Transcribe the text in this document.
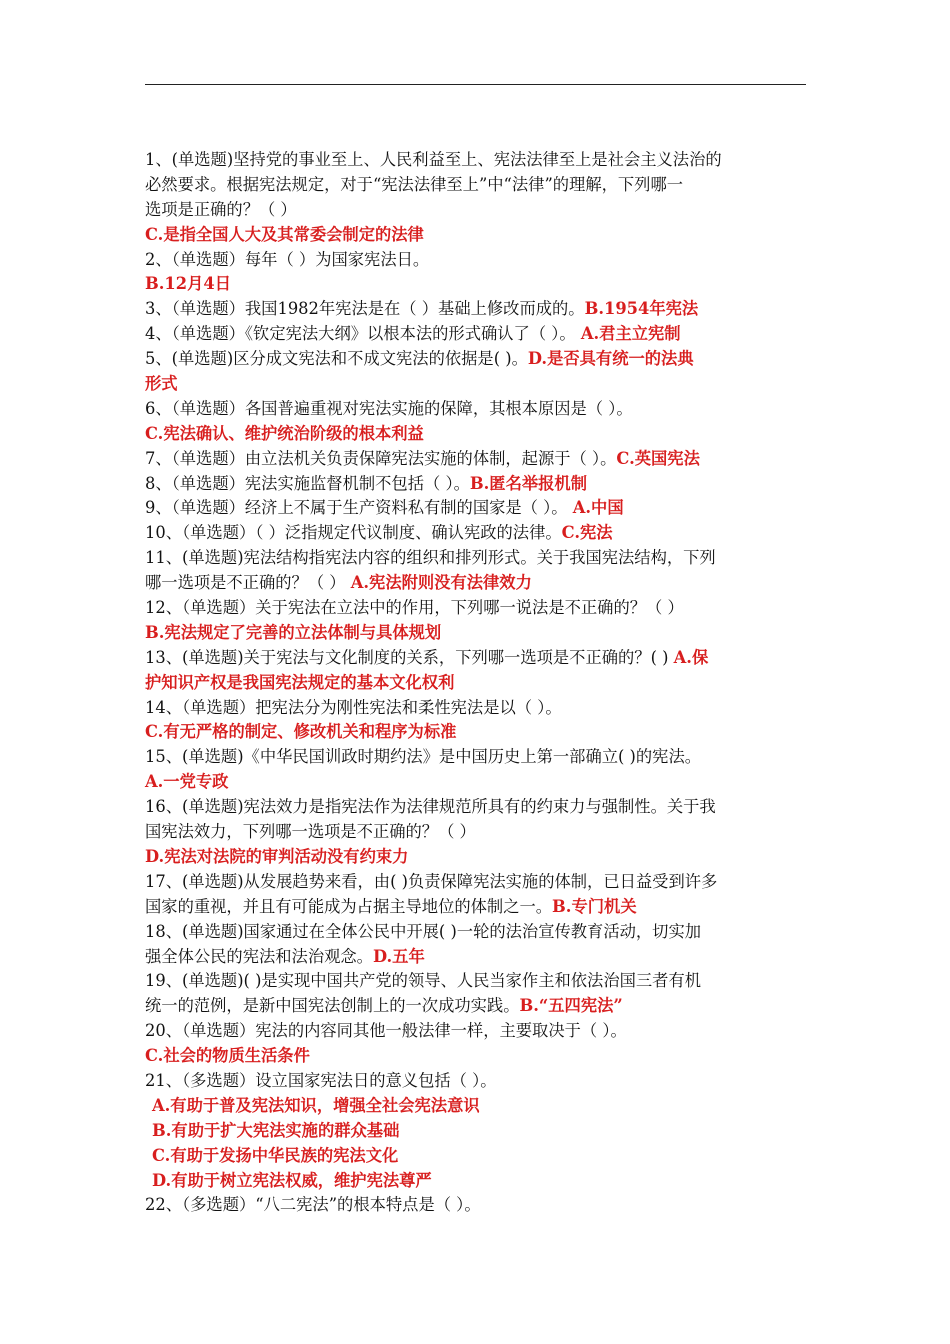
1、(单选题)坚持党的事业至上、人民利益至上、宪法法律至上是社会主义法治的
必然要求。根据宪法规定，对于“宪法法律至上”中“法律”的理解，下列哪一
选项是正确的？（ ）
C.是指全国人大及其常委会制定的法律
2、（单选题）每年（ ）为国家宪法日。
B.12月4日
3、（单选题）我国1982年宪法是在（ ）基础上修改而成的。B.1954年宪法
4、（单选题）《钦定宪法大纲》以根本法的形式确认了（ ）。 A.君主立宪制
5、(单选题)区分成文宪法和不成文宪法的依据是( )。D.是否具有统一的法典
形式
6、（单选题）各国普遍重视对宪法实施的保障，其根本原因是（ ）。
C.宪法确认、维护统治阶级的根本利益
7、（单选题）由立法机关负责保障宪法实施的体制，起源于（ ）。C.英国宪法
8、（单选题）宪法实施监督机制不包括（ ）。B.匿名举报机制
9、（单选题）经济上不属于生产资料私有制的国家是（ ）。 A.中国
10、（单选题）（ ）泛指规定代议制度、确认宪政的法律。C.宪法
11、(单选题)宪法结构指宪法内容的组织和排列形式。关于我国宪法结构，下列
哪一选项是不正确的？（ ） A.宪法附则没有法律效力
12、（单选题）关于宪法在立法中的作用，下列哪一说法是不正确的？（ ）
B.宪法规定了完善的立法体制与具体规划
13、(单选题)关于宪法与文化制度的关系，下列哪一选项是不正确的？( ) A.保
护知识产权是我国宪法规定的基本文化权利
14、（单选题）把宪法分为刚性宪法和柔性宪法是以（ ）。
C.有无严格的制定、修改机关和程序为标准
15、(单选题)《中华民国训政时期约法》是中国历史上第一部确立( )的宪法。
A.一党专政
16、(单选题)宪法效力是指宪法作为法律规范所具有的约束力与强制性。关于我
国宪法效力，下列哪一选项是不正确的？（ ）
D.宪法对法院的审判活动没有约束力
17、(单选题)从发展趋势来看，由( )负责保障宪法实施的体制，已日益受到许多
国家的重视，并且有可能成为占据主导地位的体制之一。B.专门机关
18、(单选题)国家通过在全体公民中开展( )一轮的法治宣传教育活动，切实加
强全体公民的宪法和法治观念。D.五年
19、(单选题)( )是实现中国共产党的领导、人民当家作主和依法治国三者有机
统一的范例，是新中国宪法创制上的一次成功实践。B.“五四宪法”
20、（单选题）宪法的内容同其他一般法律一样，主要取决于（ ）。
C.社会的物质生活条件
21、（多选题）设立国家宪法日的意义包括（ ）。
A.有助于普及宪法知识，增强全社会宪法意识
B.有助于扩大宪法实施的群众基础
C.有助于发扬中华民族的宪法文化
D.有助于树立宪法权威，维护宪法尊严
22、（多选题）“八二宪法”的根本特点是（ ）。
